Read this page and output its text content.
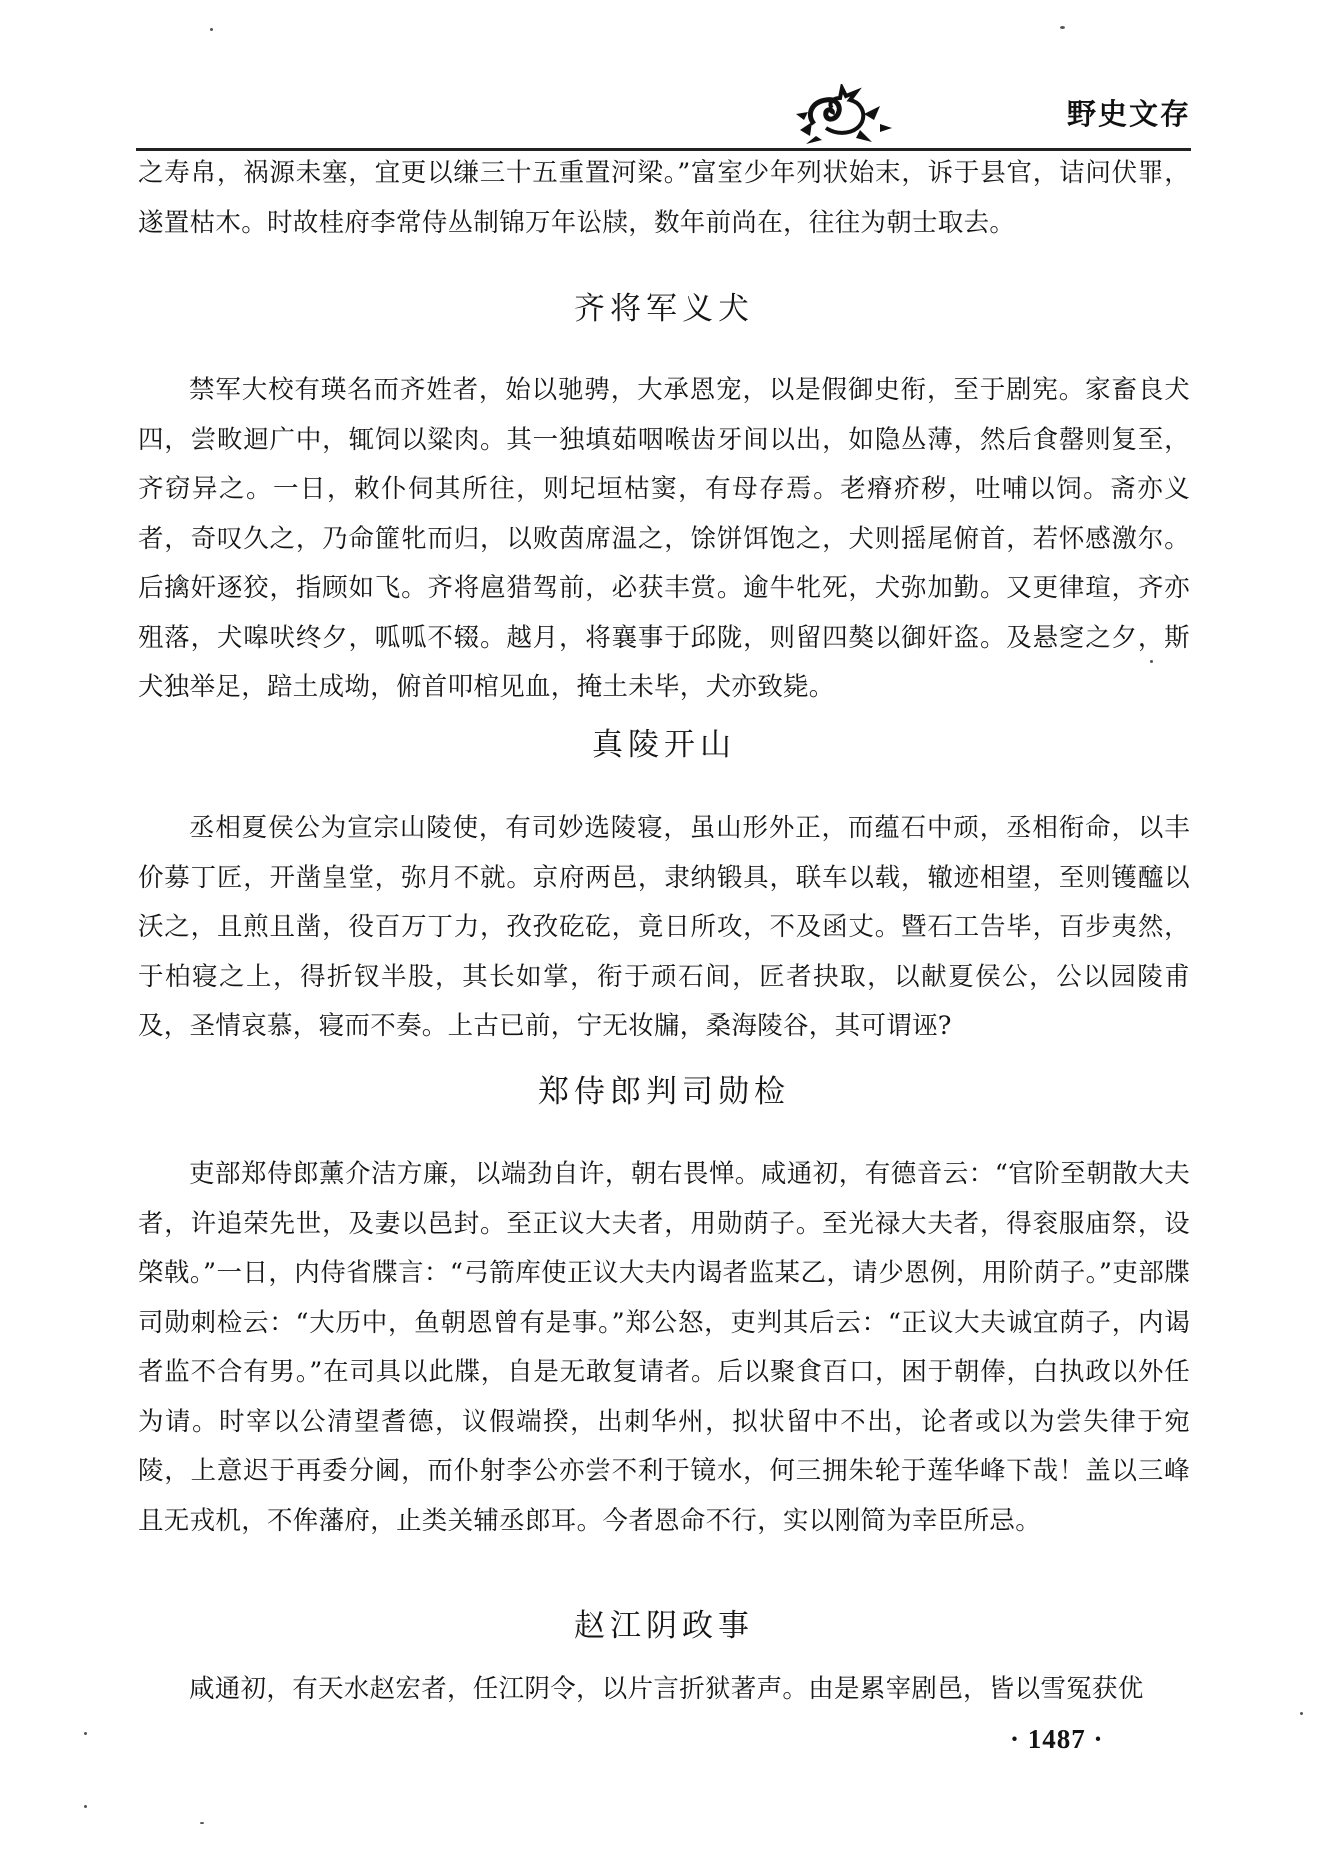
野史文存

之寿帛，祸源未塞，宜更以缣三十五重置河梁。”富室少年列状始末，诉于县官，诘问伏罪，遂置枯木。时故桂府李常侍丛制锦万年讼牍，数年前尚在，往往为朝士取去。

齐将军义犬

禁军大校有瑛名而齐姓者，始以驰骋，大承恩宠，以是假御史衔，至于剧宪。家畜良犬四，尝畋迴广中，辄饲以粱肉。其一独填茹咽喉齿牙间以出，如隐丛薄，然后食罄则复至，齐窃异之。一日，敕仆伺其所往，则圮垣枯窦，有母存焉。老瘠疥秽，吐哺以饲。斋亦义者，奇叹久之，乃命篚牝而归，以败茵席温之，馀饼饵饱之，犬则摇尾俯首，若怀感激尔。后擒奸逐狡，指顾如飞。齐将扈猎驾前，必获丰赏。逾牛牝死，犬弥加勤。又更律瑄，齐亦殂落，犬嗥吠终夕，呱呱不辍。越月，将襄事于邱陇，则留四獒以御奸盗。及悬窆之夕，斯犬独举足，踣土成坳，俯首叩棺见血，掩土未毕，犬亦致毙。

真陵开山

丞相夏侯公为宣宗山陵使，有司妙选陵寝，虽山形外正，而蕴石中顽，丞相衔命，以丰价募丁匠，开凿皇堂，弥月不就。京府两邑，隶纳锻具，联车以载，辙迹相望，至则镬醯以沃之，且煎且凿，役百万丁力，孜孜矻矻，竟日所攻，不及函丈。暨石工告毕，百步夷然，于柏寝之上，得折钗半股，其长如掌，衔于顽石间，匠者抉取，以献夏侯公，公以园陵甫及，圣情哀慕，寝而不奏。上古已前，宁无妆牖，桑海陵谷，其可谓诬?

郑侍郎判司勋检

吏部郑侍郎薰介洁方廉，以端劲自许，朝右畏惮。咸通初，有德音云：“官阶至朝散大夫者，许追荣先世，及妻以邑封。至正议大夫者，用勋荫子。至光禄大夫者，得衮服庙祭，设棨戟。”一日，内侍省牒言：“弓箭库使正议大夫内谒者监某乙，请少恩例，用阶荫子。”吏部牒司勋刺检云：“大历中，鱼朝恩曾有是事。”郑公怒，吏判其后云：“正议大夫诚宜荫子，内谒者监不合有男。”在司具以此牒，自是无敢复请者。后以聚食百口，困于朝俸，白执政以外任为请。时宰以公清望耆德，议假端揆，出刺华州，拟状留中不出，论者或以为尝失律于宛陵，上意迟于再委分阃，而仆射李公亦尝不利于镜水，何三拥朱轮于莲华峰下哉！盖以三峰且无戎机，不侔藩府，止类关辅丞郎耳。今者恩命不行，实以刚简为幸臣所忌。

赵江阴政事

咸通初，有天水赵宏者，任江阴令，以片言折狱著声。由是累宰剧邑，皆以雪冤获优

· 1487 ·
